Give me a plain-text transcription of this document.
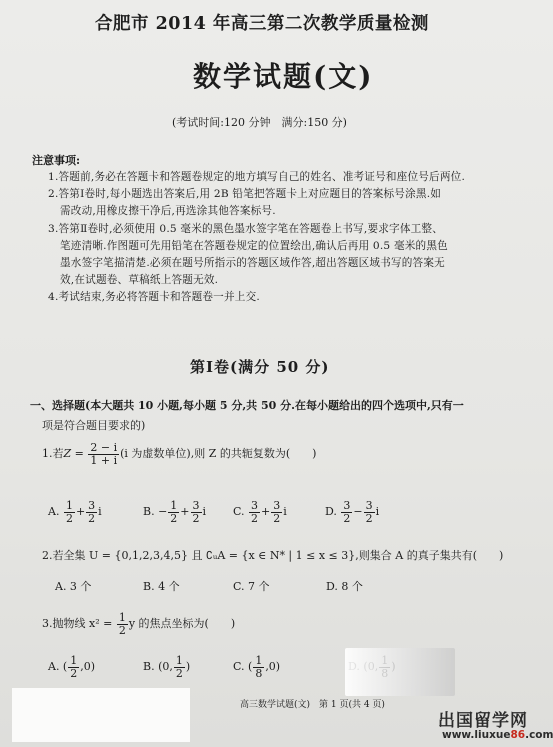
合肥市 2014 年高三第二次教学质量检测
数学试题(文)
(考试时间:120 分钟　满分:150 分)
注意事项:
1.答题前,务必在答题卡和答题卷规定的地方填写自己的姓名、准考证号和座位号后两位.
2.答第Ⅰ卷时,每小题选出答案后,用 2B 铅笔把答题卡上对应题目的答案标号涂黑.如
需改动,用橡皮擦干净后,再选涂其他答案标号.
3.答第Ⅱ卷时,必须使用 0.5 毫米的黑色墨水签字笔在答题卷上书写,要求字体工整、
笔迹清晰.作图题可先用铅笔在答题卷规定的位置绘出,确认后再用 0.5 毫米的黑色
墨水签字笔描清楚.必须在题号所指示的答题区域作答,超出答题区域书写的答案无
效,在试题卷、草稿纸上答题无效.
4.考试结束,务必将答题卡和答题卷一并上交.
第Ⅰ卷(满分 50 分)
一、选择题(本大题共 10 小题,每小题 5 分,共 50 分.在每小题给出的四个选项中,只有一
项是符合题目要求的)
1.若$Z = \frac{2 - i}{1 + i} (i$ 为虚数单位),则 Z 的共轭复数为(　　)
A. $\frac{1}{2} + \frac{3}{2}$ i	B. − $\frac{1}{2} + \frac{3}{2}$ i C. $\frac{3}{2} + \frac{3}{2}$ i	D. $\frac{3}{2} - \frac{3}{2}$ i
2.若全集 U = {0,1,2,3,4,5} 且 ∁ᵤA = {x ∈ N* | 1 ≤ x ≤ 3},则集合 A 的真子集共有(　　)
A. 3 个	B. 4 个	C. 7 个	D. 8 个
3.抛物线 $x^2 = \frac{1}{2}$ y 的焦点坐标为(　　)
A. ( $\frac{1}{2} ,0$)	B. (0, $\frac{1}{2}$ )	C. ( $\frac{1}{8} ,0$)
高三数学试题(文)　第 1 页(共 4 页)
出国留学网
www.liuxue86.com
